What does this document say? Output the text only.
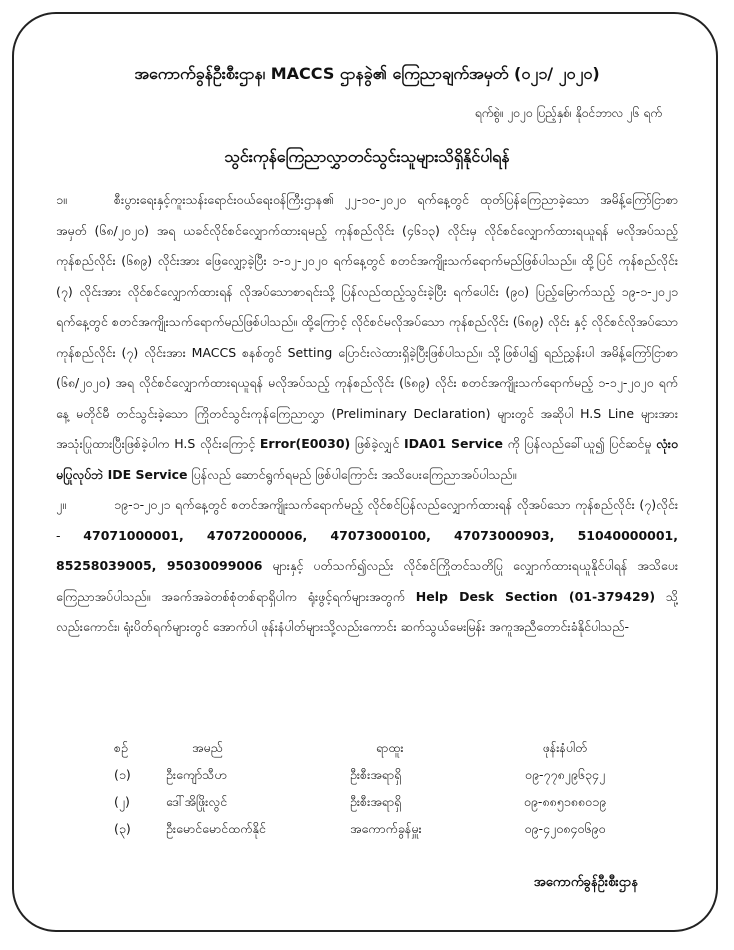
အကောက်ခွန်ဦးစီးဌာန၊ MACCS ဌာနခွဲ၏ ကြေညာချက်အမှတ် (၀၂၁/ ၂၀၂၀)
ရက်စွဲ။ ၂၀၂၀ ပြည့်နှစ်၊ နိုဝင်ဘာလ ၂၆ ရက်
သွင်းကုန်ကြေညာလွှာတင်သွင်းသူများသိရှိနိုင်ပါရန်

၁။	စီးပွားရေးနှင့်ကူးသန်းရောင်းဝယ်ရေးဝန်ကြီးဌာန၏ ၂၂-၁၀-၂၀၂၀ ရက်နေ့တွင် ထုတ်ပြန်ကြေညာခဲ့သော အမိန့်ကြော်ငြာစာအမှတ် (၆၈/၂၀၂၀) အရ ယခင်လိုင်စင်လျှောက်ထားရမည့် ကုန်စည်လိုင်း (၄၆၁၃) လိုင်းမှ လိုင်စင်လျှောက်ထားရယူရန် မလိုအပ်သည့် ကုန်စည်လိုင်း (၆၈၉) လိုင်းအား ဖြေလျှော့ခဲ့ပြီး ၁-၁၂-၂၀၂၀ ရက်နေ့တွင် စတင်အကျိုးသက်ရောက်မည်ဖြစ်ပါသည်။ ထို့ပြင် ကုန်စည်လိုင်း (၇) လိုင်းအား လိုင်စင်လျှောက်ထားရန် လိုအပ်သောစာရင်းသို့ ပြန်လည်ထည့်သွင်းခဲ့ပြီး ရက်ပေါင်း (၉၀) ပြည့်မြောက်သည့် ၁၉-၁-၂၀၂၁ ရက်နေ့တွင် စတင်အကျိုးသက်ရောက်မည်ဖြစ်ပါသည်။ ထို့ကြောင့် လိုင်စင်မလိုအပ်သော ကုန်စည်လိုင်း (၆၈၉) လိုင်း နှင့် လိုင်စင်လိုအပ်သော ကုန်စည်လိုင်း (၇) လိုင်းအား MACCS စနစ်တွင် Setting ပြောင်းလဲထားရှိခဲ့ပြီးဖြစ်ပါသည်။ သို့ဖြစ်ပါ၍ ရည်ညွှန်းပါ အမိန့်ကြော်ငြာစာ (၆၈/၂၀၂၀) အရ လိုင်စင်လျှောက်ထားရယူရန် မလိုအပ်သည့် ကုန်စည်လိုင်း (၆၈၉) လိုင်း စတင်အကျိုးသက်ရောက်မည့် ၁-၁၂-၂၀၂၀ ရက်နေ့ မတိုင်မီ တင်သွင်းခဲ့သော ကြိုတင်သွင်းကုန်ကြေညာလွှာ (Preliminary Declaration) များတွင် အဆိုပါ H.S Line များအား အသုံးပြုထားပြီးဖြစ်ခဲ့ပါက H.S လိုင်းကြောင့် Error(E0030) ဖြစ်ခဲ့လျှင် IDA01 Service ကို ပြန်လည်ခေါ်ယူ၍ ပြင်ဆင်မှု လုံးဝမပြုလုပ်ဘဲ IDE Service ပြန်လည် ဆောင်ရွက်ရမည် ဖြစ်ပါကြောင်း အသိပေးကြေညာအပ်ပါသည်။

၂။	၁၉-၁-၂၀၂၁ ရက်နေ့တွင် စတင်အကျိုးသက်ရောက်မည့် လိုင်စင်ပြန်လည်လျှောက်ထားရန် လိုအပ်သော ကုန်စည်လိုင်း (၇)လိုင်း - 47071000001, 47072000006, 47073000100, 47073000903, 51040000001, 85258039005, 95030099006 များနှင့် ပတ်သက်၍လည်း လိုင်စင်ကြိုတင်သတိပြု လျှောက်ထားရယူနိုင်ပါရန် အသိပေးကြေညာအပ်ပါသည်။ အခက်အခဲတစ်စုံတစ်ရာရှိပါက ရုံးဖွင့်ရက်များအတွက် Help Desk Section (01-379429) သို့လည်းကောင်း၊ ရုံးပိတ်ရက်များတွင် အောက်ပါ ဖုန်းနံပါတ်များသို့လည်းကောင်း ဆက်သွယ်မေးမြန်း အကူအညီတောင်းခံနိုင်ပါသည်-

စဉ်	အမည်	ရာထူး	ဖုန်းနံပါတ်
(၁)	ဦးကျော်သီဟ	ဦးစီးအရာရှိ	၀၉-၇၇၈၂၉၆၃၄၂
(၂)	ဒေါ်အိဖြိုးလွင်	ဦးစီးအရာရှိ	၀၉-၈၈၅၁၈၈၀၁၉
(၃)	ဦးမောင်မောင်ထက်နိုင်	အကောက်ခွန်မှူး	၀၉-၄၂၀၈၄၀၆၉၀
အကောက်ခွန်ဦးစီးဌာန
